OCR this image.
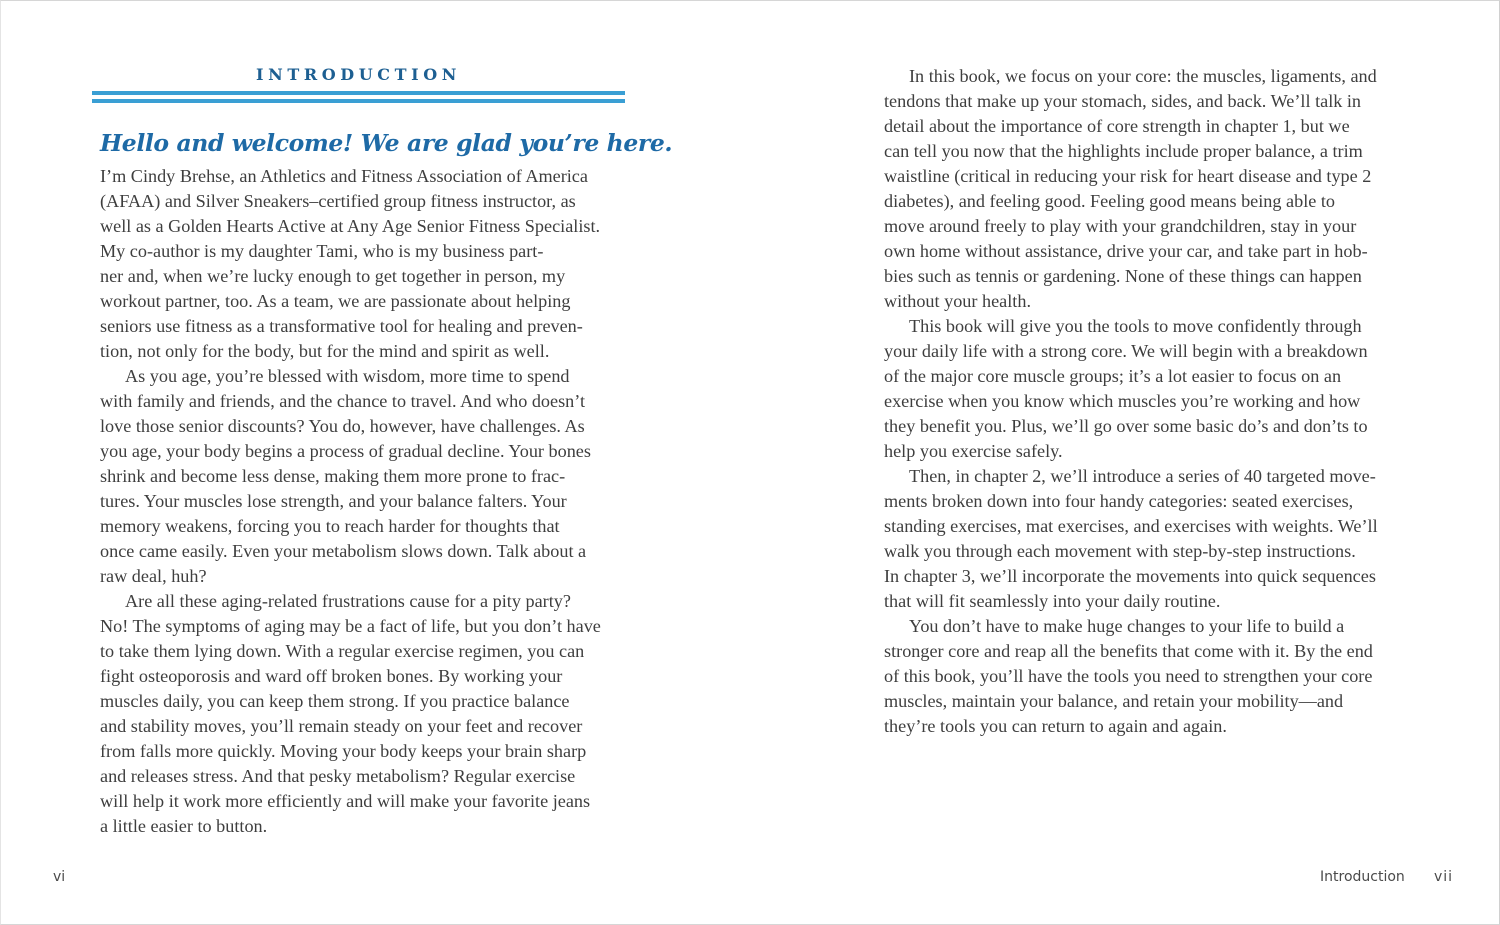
INTRODUCTION
Hello and welcome! We are glad you’re here.
I’m Cindy Brehse, an Athletics and Fitness Association of America
(AFAA) and Silver Sneakers–certified group fitness instructor, as
well as a Golden Hearts Active at Any Age Senior Fitness Specialist.
My co-author is my daughter Tami, who is my business part-
ner and, when we’re lucky enough to get together in person, my
workout partner, too. As a team, we are passionate about helping
seniors use fitness as a transformative tool for healing and preven-
tion, not only for the body, but for the mind and spirit as well.
As you age, you’re blessed with wisdom, more time to spend
with family and friends, and the chance to travel. And who doesn’t
love those senior discounts? You do, however, have challenges. As
you age, your body begins a process of gradual decline. Your bones
shrink and become less dense, making them more prone to frac-
tures. Your muscles lose strength, and your balance falters. Your
memory weakens, forcing you to reach harder for thoughts that
once came easily. Even your metabolism slows down. Talk about a
raw deal, huh?
Are all these aging-related frustrations cause for a pity party?
No! The symptoms of aging may be a fact of life, but you don’t have
to take them lying down. With a regular exercise regimen, you can
fight osteoporosis and ward off broken bones. By working your
muscles daily, you can keep them strong. If you practice balance
and stability moves, you’ll remain steady on your feet and recover
from falls more quickly. Moving your body keeps your brain sharp
and releases stress. And that pesky metabolism? Regular exercise
will help it work more efficiently and will make your favorite jeans
a little easier to button.
vi
In this book, we focus on your core: the muscles, ligaments, and
tendons that make up your stomach, sides, and back. We’ll talk in
detail about the importance of core strength in chapter 1, but we
can tell you now that the highlights include proper balance, a trim
waistline (critical in reducing your risk for heart disease and type 2
diabetes), and feeling good. Feeling good means being able to
move around freely to play with your grandchildren, stay in your
own home without assistance, drive your car, and take part in hob-
bies such as tennis or gardening. None of these things can happen
without your health.
This book will give you the tools to move confidently through
your daily life with a strong core. We will begin with a breakdown
of the major core muscle groups; it’s a lot easier to focus on an
exercise when you know which muscles you’re working and how
they benefit you. Plus, we’ll go over some basic do’s and don’ts to
help you exercise safely.
Then, in chapter 2, we’ll introduce a series of 40 targeted move-
ments broken down into four handy categories: seated exercises,
standing exercises, mat exercises, and exercises with weights. We’ll
walk you through each movement with step-by-step instructions.
In chapter 3, we’ll incorporate the movements into quick sequences
that will fit seamlessly into your daily routine.
You don’t have to make huge changes to your life to build a
stronger core and reap all the benefits that come with it. By the end
of this book, you’ll have the tools you need to strengthen your core
muscles, maintain your balance, and retain your mobility—and
they’re tools you can return to again and again.
Introduction vii
